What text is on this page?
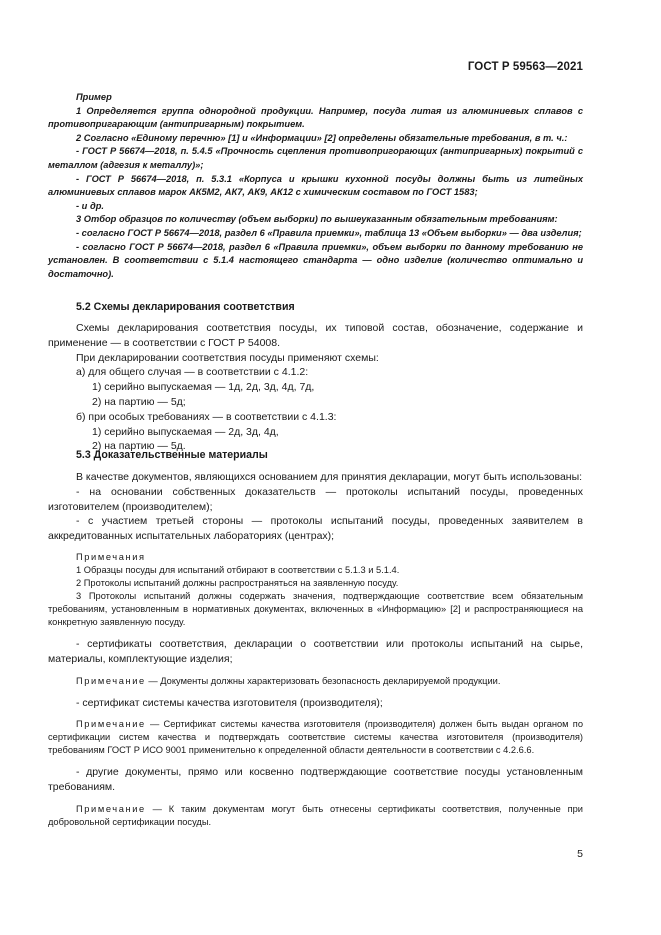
ГОСТ Р 59563—2021

Пример

1 Определяется группа однородной продукции. Например, посуда литая из алюминиевых сплавов с противопригарающим (антипригарным) покрытием.

2 Согласно «Единому перечню» [1] и «Информации» [2] определены обязательные требования, в т. ч.:

- ГОСТ Р 56674—2018, п. 5.4.5 «Прочность сцепления противопригорающих (антипригарных) покрытий с металлом (адгезия к металлу)»;

- ГОСТ Р 56674—2018, п. 5.3.1 «Корпуса и крышки кухонной посуды должны быть из литейных алюминиевых сплавов марок АК5М2, АК7, АК9, АК12 с химическим составом по ГОСТ 1583;

- и др.

3 Отбор образцов по количеству (объем выборки) по вышеуказанным обязательным требованиям:

- согласно ГОСТ Р 56674—2018, раздел 6 «Правила приемки», таблица 13 «Объем выборки» — два изделия;

- согласно ГОСТ Р 56674—2018, раздел 6 «Правила приемки», объем выборки по данному требованию не установлен. В соответствии с 5.1.4 настоящего стандарта — одно изделие (количество оптимально и достаточно).

5.2 Схемы декларирования соответствия

Схемы декларирования соответствия посуды, их типовой состав, обозначение, содержание и применение — в соответствии с ГОСТ Р 54008.

При декларировании соответствия посуды применяют схемы:

а) для общего случая — в соответствии с 4.1.2:

1) серийно выпускаемая — 1д, 2д, 3д, 4д, 7д,

2) на партию — 5д;

б) при особых требованиях — в соответствии с 4.1.3:

1) серийно выпускаемая — 2д, 3д, 4д,

2) на партию — 5д.

5.3 Доказательственные материалы

В качестве документов, являющихся основанием для принятия декларации, могут быть использованы:

- на основании собственных доказательств — протоколы испытаний посуды, проведенных изготовителем (производителем);

- с участием третьей стороны — протоколы испытаний посуды, проведенных заявителем в аккредитованных испытательных лабораториях (центрах);

Примечания

1 Образцы посуды для испытаний отбирают в соответствии с 5.1.3 и 5.1.4.

2 Протоколы испытаний должны распространяться на заявленную посуду.

3 Протоколы испытаний должны содержать значения, подтверждающие соответствие всем обязательным требованиям, установленным в нормативных документах, включенных в «Информацию» [2] и распространяющиеся на конкретную заявленную посуду.

- сертификаты соответствия, декларации о соответствии или протоколы испытаний на сырье, материалы, комплектующие изделия;

Примечание — Документы должны характеризовать безопасность декларируемой продукции.

- сертификат системы качества изготовителя (производителя);

Примечание — Сертификат системы качества изготовителя (производителя) должен быть выдан органом по сертификации систем качества и подтверждать соответствие системы качества изготовителя (производителя) требованиям ГОСТ Р ИСО 9001 применительно к определенной области деятельности в соответствии с 4.2.6.6.

- другие документы, прямо или косвенно подтверждающие соответствие посуды установленным требованиям.

Примечание — К таким документам могут быть отнесены сертификаты соответствия, полученные при добровольной сертификации посуды.

5
